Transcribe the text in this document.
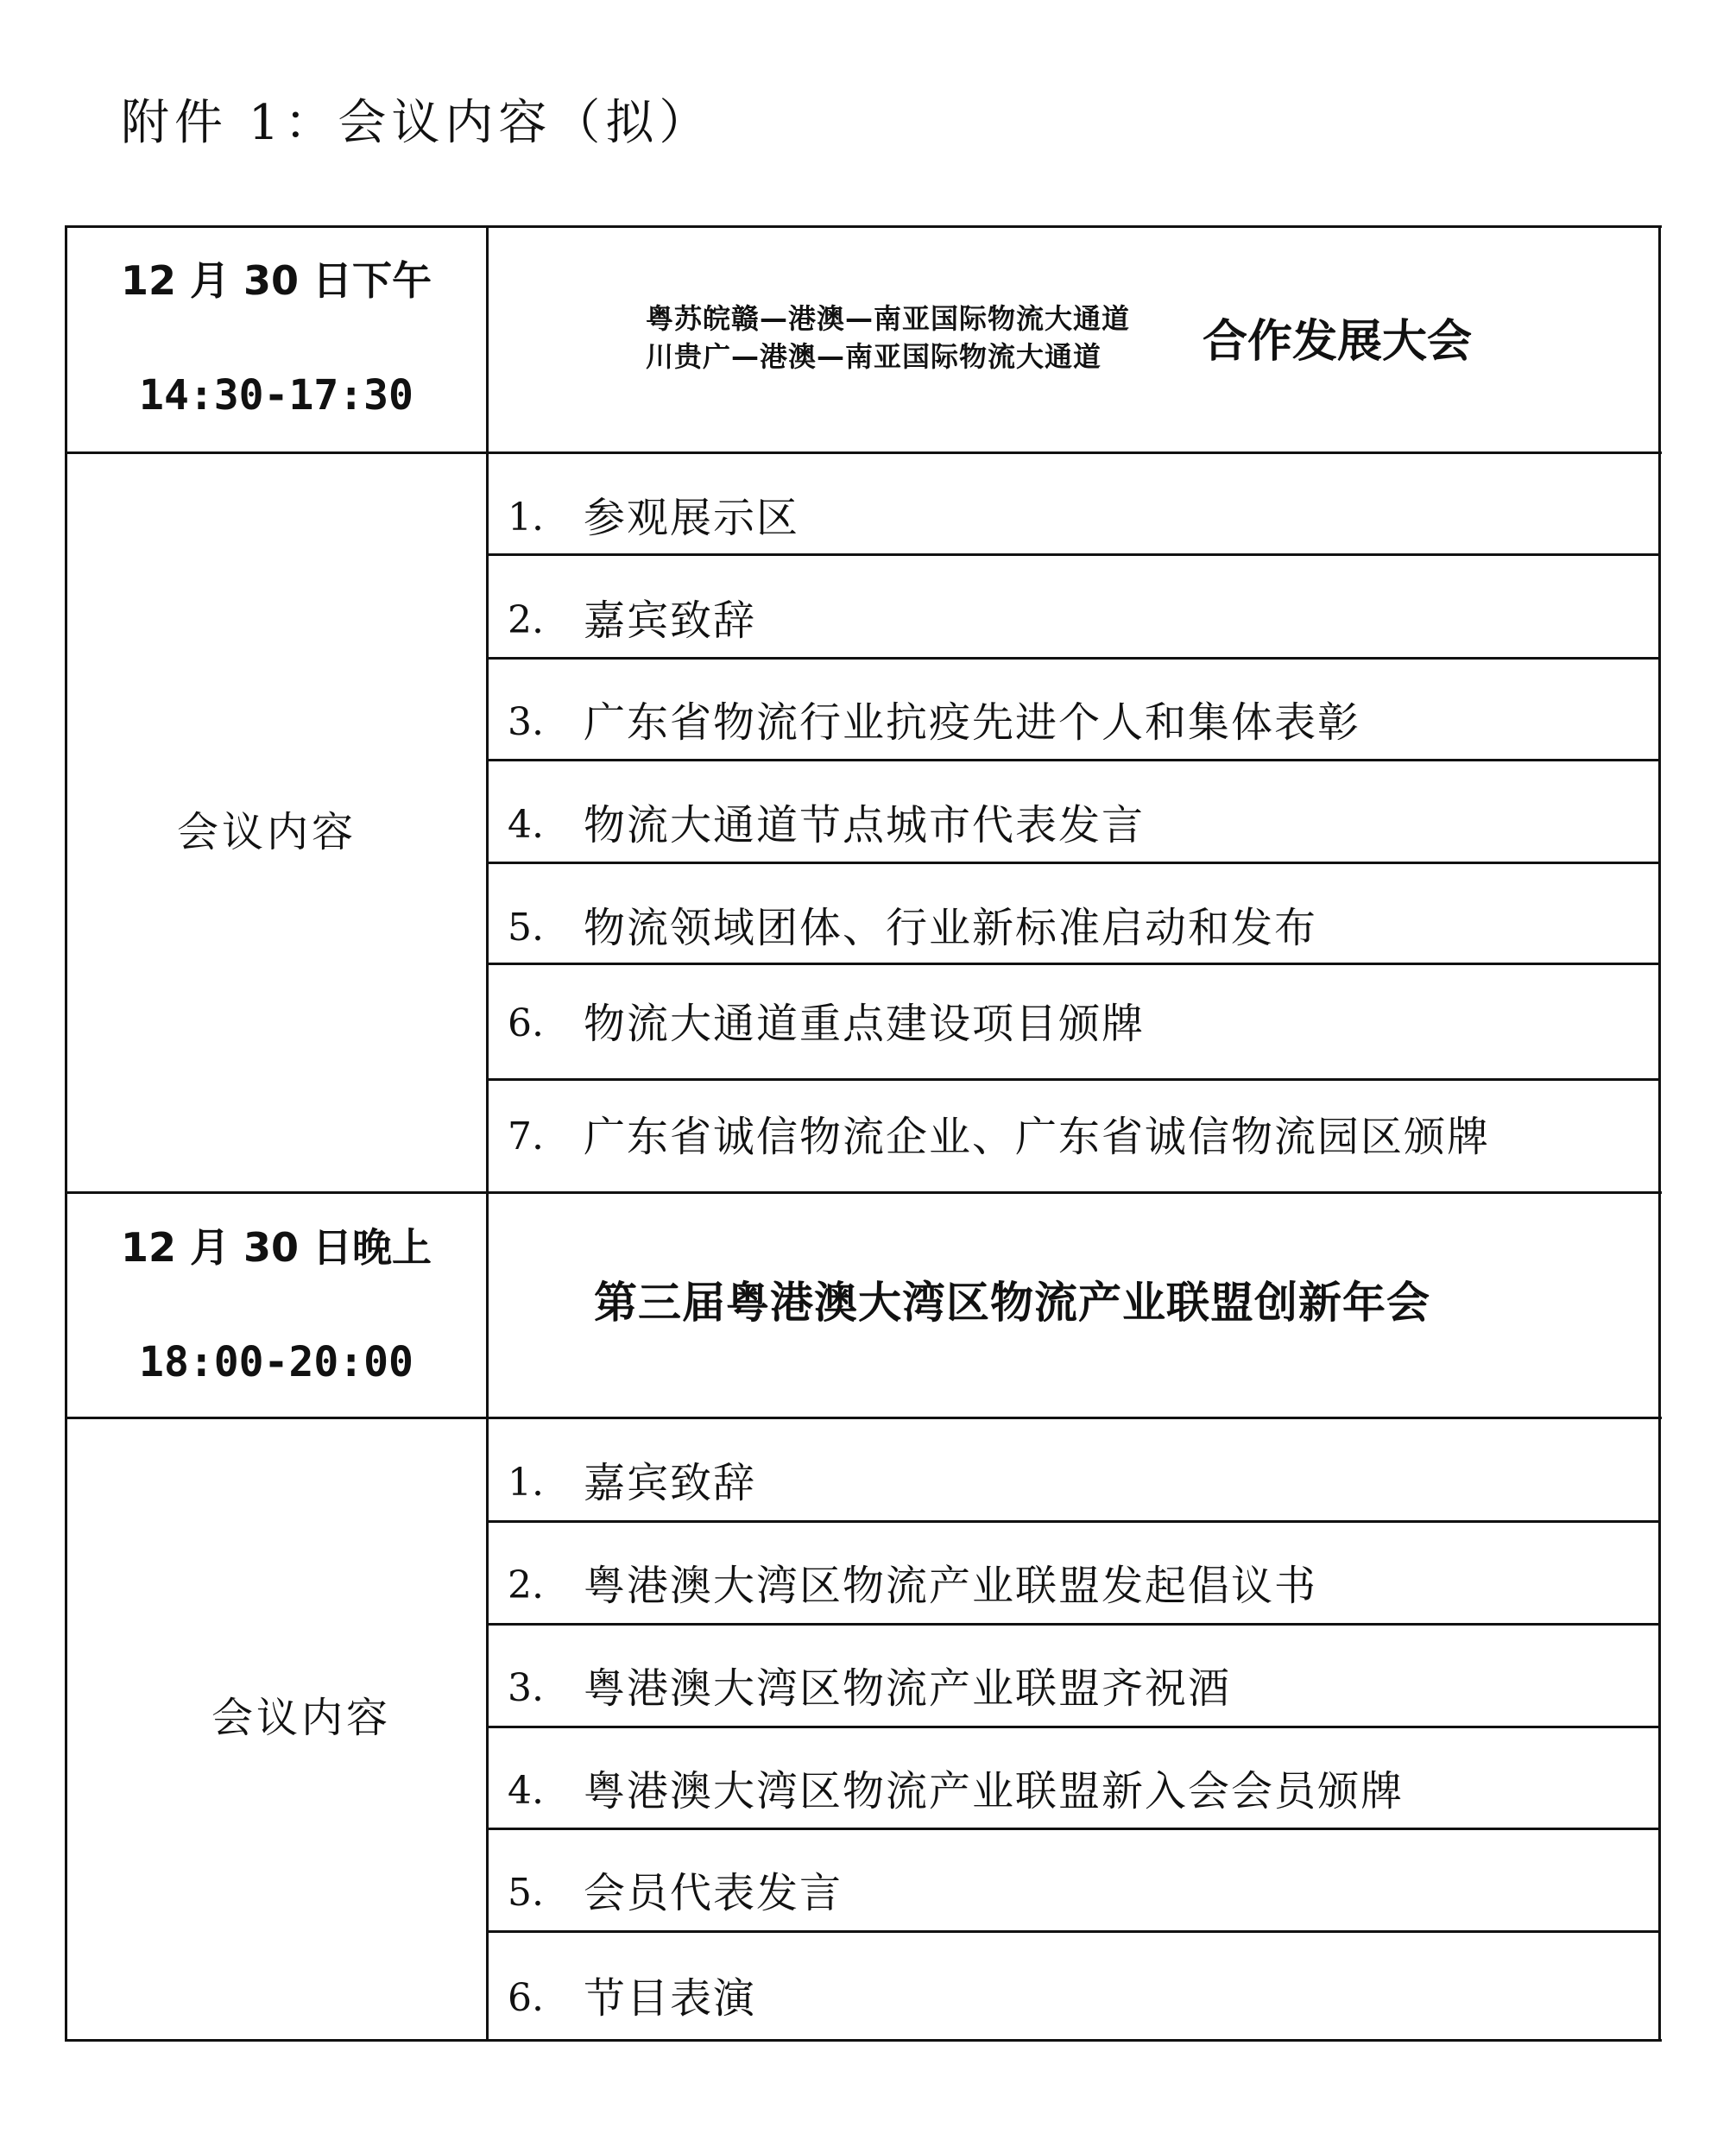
附件 1：会议内容（拟）
12 月 30 日下午
14:30-17:30
粤苏皖赣—港澳—南亚国际物流大通道
川贵广—港澳—南亚国际物流大通道	合作发展大会
会议内容
1. 参观展示区
2. 嘉宾致辞
3. 广东省物流行业抗疫先进个人和集体表彰
4. 物流大通道节点城市代表发言
5. 物流领域团体、行业新标准启动和发布
6. 物流大通道重点建设项目颁牌
7. 广东省诚信物流企业、广东省诚信物流园区颁牌
12 月 30 日晚上
18:00-20:00
第三届粤港澳大湾区物流产业联盟创新年会
会议内容
1. 嘉宾致辞
2. 粤港澳大湾区物流产业联盟发起倡议书
3. 粤港澳大湾区物流产业联盟齐祝酒
4. 粤港澳大湾区物流产业联盟新入会会员颁牌
5. 会员代表发言
6. 节目表演
